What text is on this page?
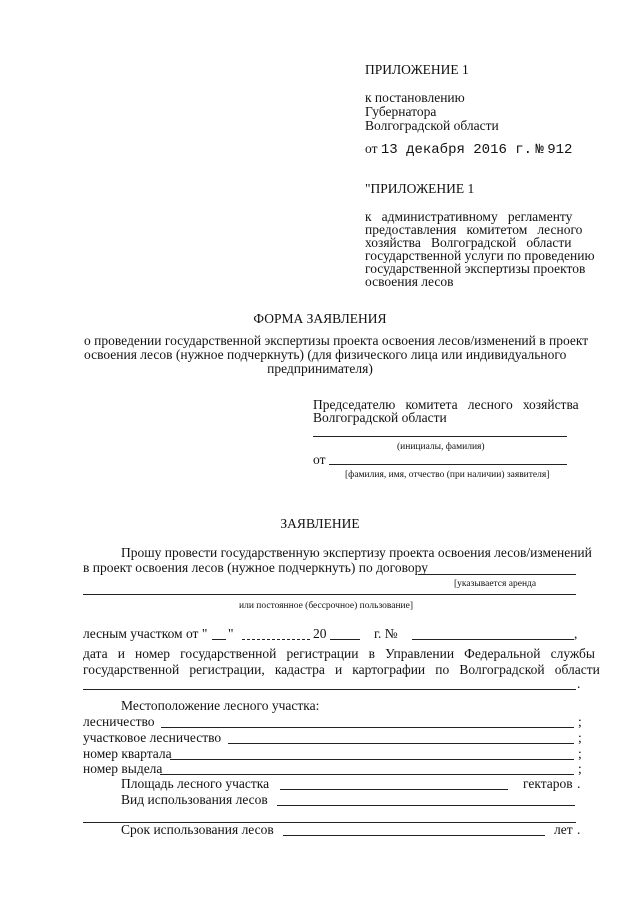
ПРИЛОЖЕНИЕ 1
к постановлению
Губернатора
Волгоградской области
от 13 декабря 2016 г. № 912
"ПРИЛОЖЕНИЕ 1
к   административному   регламенту
предоставления   комитетом   лесного
хозяйства   Волгоградской   области
государственной услуги по проведению
государственной экспертизы проектов
освоения лесов
ФОРМА ЗАЯВЛЕНИЯ
о проведении государственной экспертизы проекта освоения лесов/изменений в проект
освоения лесов (нужное подчеркнуть) (для физического лица или индивидуального
предпринимателя)
Председателю   комитета   лесного   хозяйства
Волгоградской области
(инициалы, фамилия)
от
[фамилия, имя, отчество (при наличии) заявителя]
ЗАЯВЛЕНИЕ
Прошу провести государственную экспертизу проекта освоения лесов/изменений
в проект освоения лесов (нужное подчеркнуть) по договору
[указывается аренда
или постоянное (бессрочное) пользование]
лесным участком от " "	20	г. №	,
дата   и   номер   государственной   регистрации   в   Управлении   Федеральной   службы
государственной   регистрации,   кадастра   и   картографии   по   Волгоградской   области
.
Местоположение лесного участка:
лесничество	;
участковое лесничество	;
номер квартала	;
номер выдела	;
Площадь лесного участка	гектаров .
Вид использования лесов
Срок использования лесов	лет .
